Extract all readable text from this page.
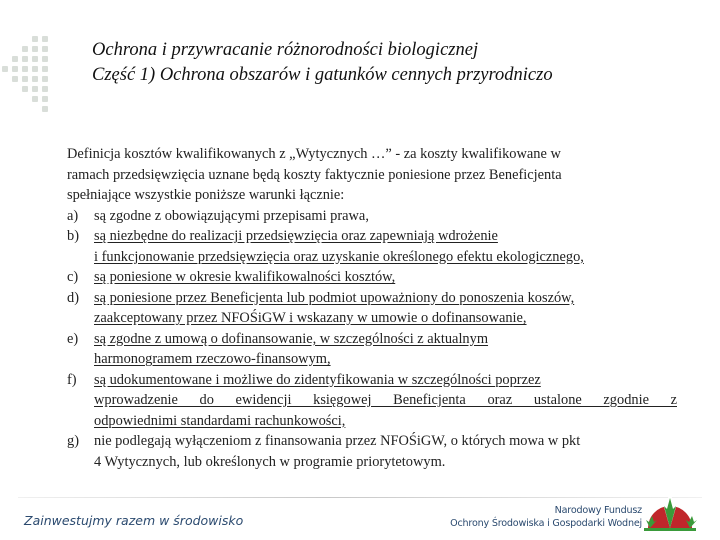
Ochrona i przywracanie różnorodności biologicznej
Część 1) Ochrona obszarów i gatunków cennych przyrodniczo

Definicja kosztów kwalifikowanych z „Wytycznych …” - za koszty kwalifikowane w

ramach przedsięwzięcia uznane będą koszty faktycznie poniesione przez Beneficjenta

spełniające wszystkie poniższe warunki łącznie:

a)	są zgodne z obowiązującymi przepisami prawa,
b)	są niezbędne do realizacji przedsięwzięcia oraz zapewniają wdrożenie
i funkcjonowanie przedsięwzięcia oraz uzyskanie określonego efektu ekologicznego,
c)	są poniesione w okresie kwalifikowalności kosztów,
d)	są poniesione przez Beneficjenta lub podmiot upoważniony do ponoszenia koszów,
zaakceptowany przez NFOŚiGW i wskazany w umowie o dofinansowanie,
e)	są zgodne z umową o dofinansowanie, w szczególności z aktualnym
harmonogramem rzeczowo-finansowym,
f)	są udokumentowane i możliwe do zidentyfikowania w szczególności poprzez

wprowadzenie do ewidencji księgowej Beneficjenta oraz ustalone zgodnie z
odpowiednimi standardami rachunkowości,
g)	nie podlegają wyłączeniom z finansowania przez NFOŚiGW, o których mowa w pkt
4 Wytycznych, lub określonych w programie priorytetowym.
Zainwestujmy razem w środowisko
Narodowy Fundusz
Ochrony Środowiska i Gospodarki Wodnej
